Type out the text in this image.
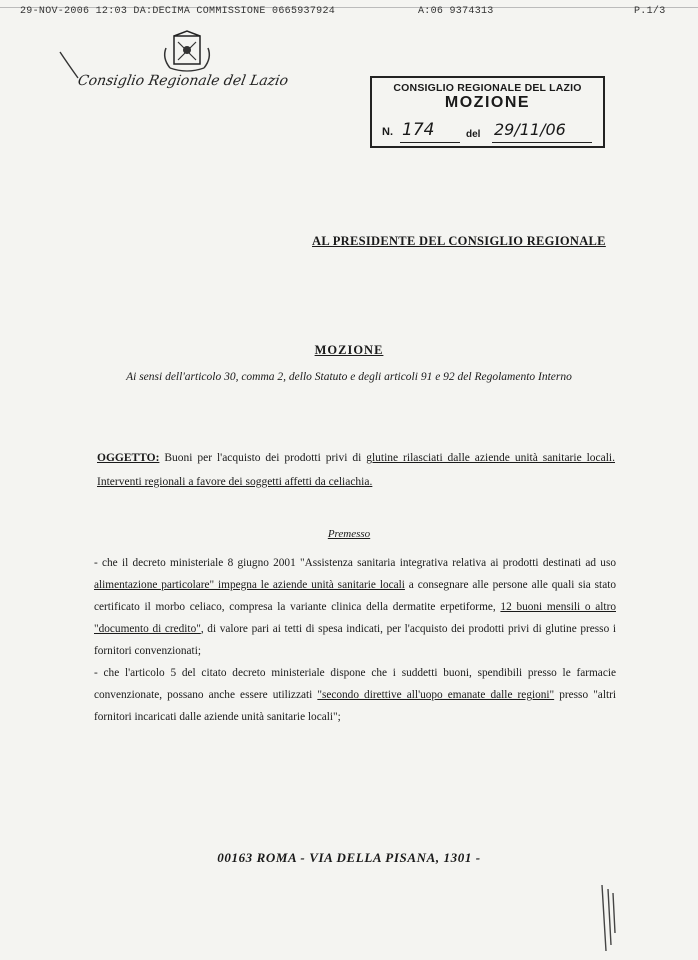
29-NOV-2006 12:03 DA:DECIMA COMMISSIONE 0665937924	A:06 9374313	P.1/3
Consiglio Regionale del Lazio	CONSIGLIO REGIONALE DEL LAZIO
MOZIONE
N. 174	del 29/11/06
AL PRESIDENTE DEL CONSIGLIO REGIONALE
MOZIONE
Ai sensi dell'articolo 30, comma 2, dello Statuto e degli articoli 91 e 92 del Regolamento Interno
OGGETTO: Buoni per l'acquisto dei prodotti privi di glutine rilasciati dalle aziende unità sanitarie locali. Interventi regionali a favore dei soggetti affetti da celiachia.
Premesso

- che il decreto ministeriale 8 giugno 2001 "Assistenza sanitaria integrativa relativa ai prodotti destinati ad uso alimentazione particolare" impegna le aziende unità sanitarie locali a consegnare alle persone alle quali sia stato certificato il morbo celiaco, compresa la variante clinica della dermatite erpetiforme, 12 buoni mensili o altro "documento di credito", di valore pari ai tetti di spesa indicati, per l'acquisto dei prodotti privi di glutine presso i fornitori convenzionati;

- che l'articolo 5 del citato decreto ministeriale dispone che i suddetti buoni, spendibili presso le farmacie convenzionate, possano anche essere utilizzati "secondo direttive all'uopo emanate dalle regioni" presso "altri fornitori incaricati dalle aziende unità sanitarie locali";

00163 ROMA - VIA DELLA PISANA, 1301 -
